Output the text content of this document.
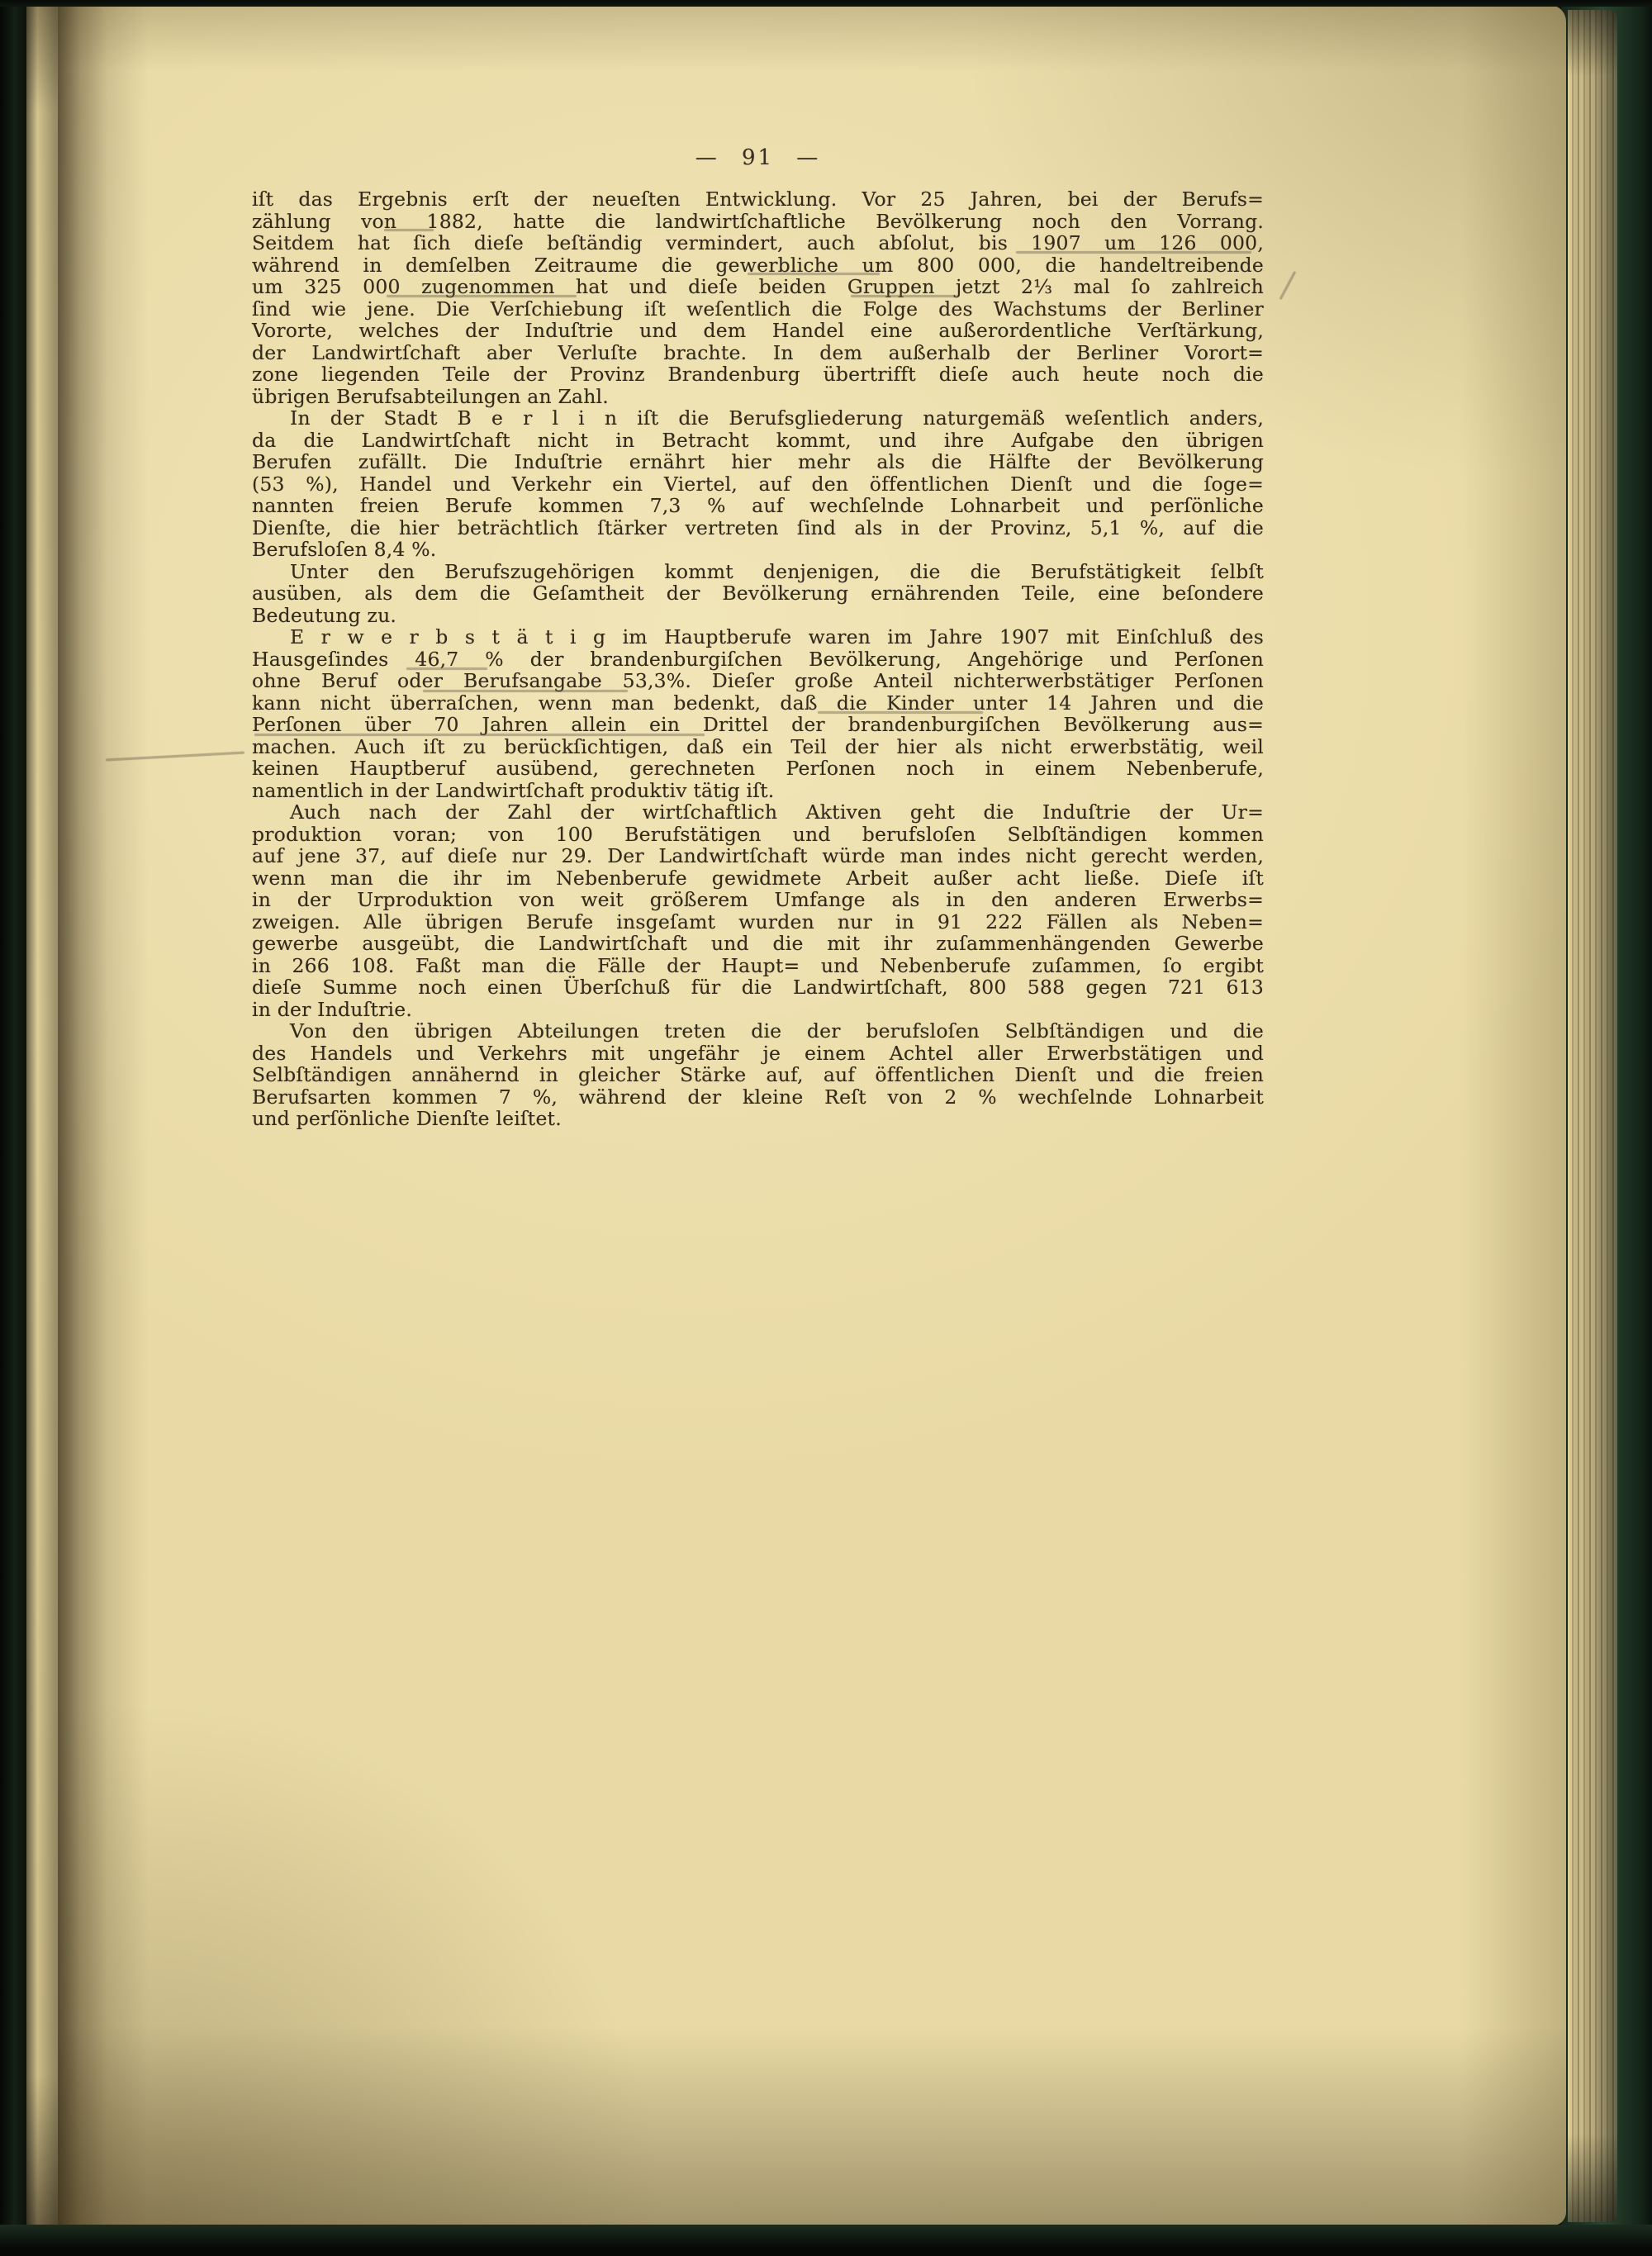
— 91 —
iſt das Ergebnis erſt der neueſten Entwicklung. Vor 25 Jahren, bei der Berufs=
zählung von 1882, hatte die landwirtſchaftliche Bevölkerung noch den Vorrang.
Seitdem hat ſich dieſe beſtändig vermindert, auch abſolut, bis 1907 um 126 000,
während in demſelben Zeitraume die gewerbliche um 800 000, die handeltreibende
um 325 000 zugenommen hat und dieſe beiden Gruppen jetzt 2⅓ mal ſo zahlreich
ſind wie jene. Die Verſchiebung iſt weſentlich die Folge des Wachstums der Berliner
Vororte, welches der Induſtrie und dem Handel eine außerordentliche Verſtärkung,
der Landwirtſchaft aber Verluſte brachte. In dem außerhalb der Berliner Vorort=
zone liegenden Teile der Provinz Brandenburg übertrifft dieſe auch heute noch die
übrigen Berufsabteilungen an Zahl.
In der Stadt B e r l i n iſt die Berufsgliederung naturgemäß weſentlich anders,
da die Landwirtſchaft nicht in Betracht kommt, und ihre Aufgabe den übrigen
Berufen zufällt. Die Induſtrie ernährt hier mehr als die Hälfte der Bevölkerung
(53 %), Handel und Verkehr ein Viertel, auf den öffentlichen Dienſt und die ſoge=
nannten freien Berufe kommen 7,3 % auf wechſelnde Lohnarbeit und perſönliche
Dienſte, die hier beträchtlich ſtärker vertreten ſind als in der Provinz, 5,1 %, auf die
Berufsloſen 8,4 %.
Unter den Berufszugehörigen kommt denjenigen, die die Berufstätigkeit ſelbſt
ausüben, als dem die Geſamtheit der Bevölkerung ernährenden Teile, eine beſondere
Bedeutung zu.
E r w e r b s t ä t i g im Hauptberufe waren im Jahre 1907 mit Einſchluß des
Hausgeſindes 46,7 % der brandenburgiſchen Bevölkerung, Angehörige und Perſonen
ohne Beruf oder Berufsangabe 53,3%. Dieſer große Anteil nichterwerbstätiger Perſonen
kann nicht überraſchen, wenn man bedenkt, daß die Kinder unter 14 Jahren und die
Perſonen über 70 Jahren allein ein Drittel der brandenburgiſchen Bevölkerung aus=
machen. Auch iſt zu berückſichtigen, daß ein Teil der hier als nicht erwerbstätig, weil
keinen Hauptberuf ausübend, gerechneten Perſonen noch in einem Nebenberufe,
namentlich in der Landwirtſchaft produktiv tätig iſt.
Auch nach der Zahl der wirtſchaftlich Aktiven geht die Induſtrie der Ur=
produktion voran; von 100 Berufstätigen und berufsloſen Selbſtändigen kommen
auf jene 37, auf dieſe nur 29. Der Landwirtſchaft würde man indes nicht gerecht werden,
wenn man die ihr im Nebenberufe gewidmete Arbeit außer acht ließe. Dieſe iſt
in der Urproduktion von weit größerem Umfange als in den anderen Erwerbs=
zweigen. Alle übrigen Berufe insgeſamt wurden nur in 91 222 Fällen als Neben=
gewerbe ausgeübt, die Landwirtſchaft und die mit ihr zuſammenhängenden Gewerbe
in 266 108. Faßt man die Fälle der Haupt= und Nebenberufe zuſammen, ſo ergibt
dieſe Summe noch einen Überſchuß für die Landwirtſchaft, 800 588 gegen 721 613
in der Induſtrie.
Von den übrigen Abteilungen treten die der berufsloſen Selbſtändigen und die
des Handels und Verkehrs mit ungefähr je einem Achtel aller Erwerbstätigen und
Selbſtändigen annähernd in gleicher Stärke auf, auf öffentlichen Dienſt und die freien
Berufsarten kommen 7 %, während der kleine Reſt von 2 % wechſelnde Lohnarbeit
und perſönliche Dienſte leiſtet.
